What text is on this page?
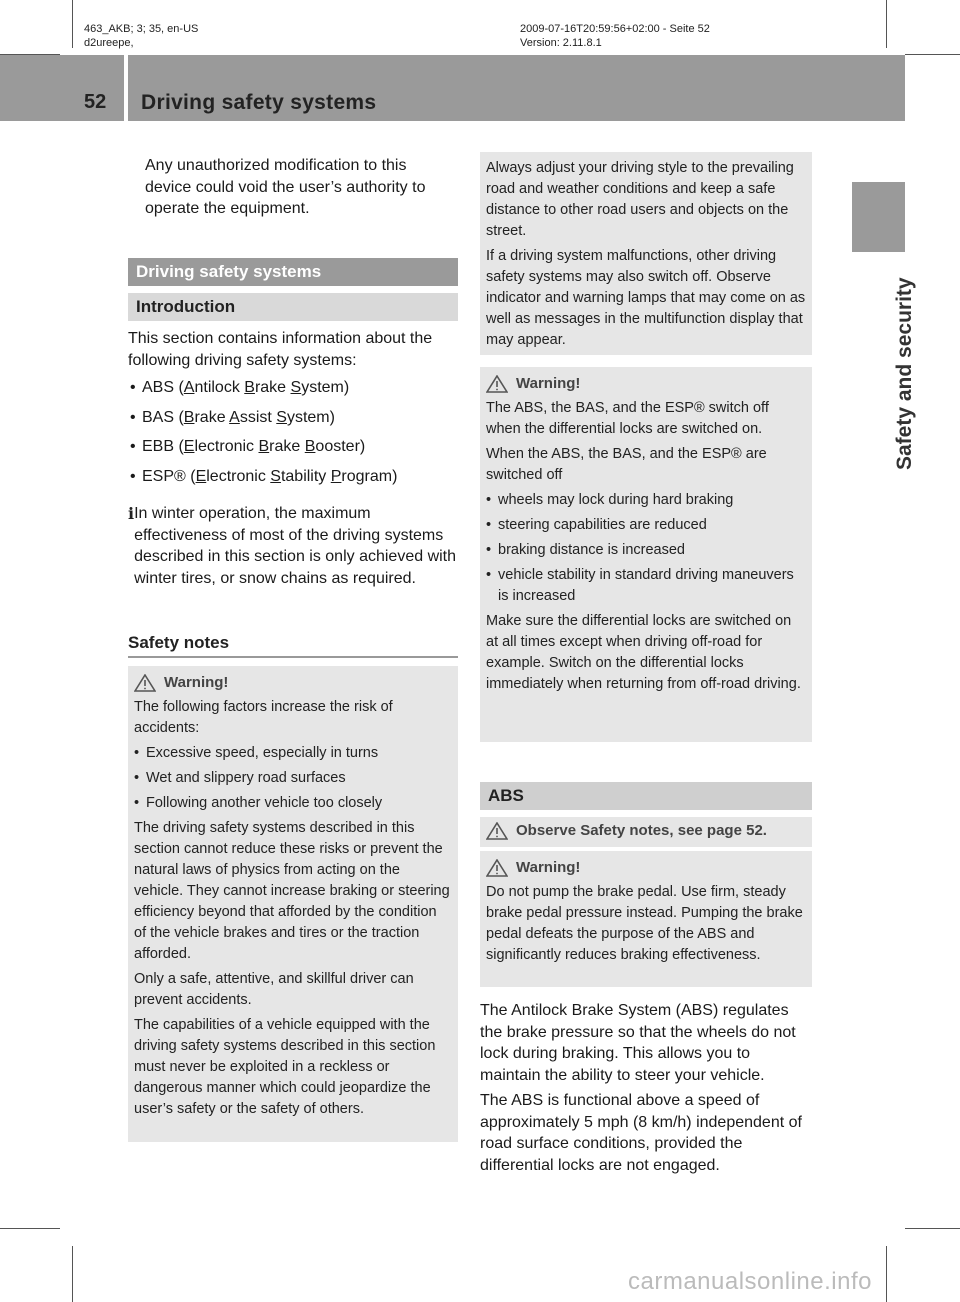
463_AKB; 3; 35, en-US
d2ureepe,
2009-07-16T20:59:56+02:00 - Seite 52
Version: 2.11.8.1
52 Driving safety systems
Safety and security
Any unauthorized modification to this device could void the user’s authority to operate the equipment.
Driving safety systems
Introduction
This section contains information about the following driving safety systems:
• ABS (Antilock Brake System)
• BAS (Brake Assist System)
• EBB (Electronic Brake Booster)
• ESP® (Electronic Stability Program)
i In winter operation, the maximum effectiveness of most of the driving systems described in this section is only achieved with winter tires, or snow chains as required.
Safety notes
Warning!

The following factors increase the risk of accidents:

• Excessive speed, especially in turns
• Wet and slippery road surfaces
• Following another vehicle too closely

The driving safety systems described in this section cannot reduce these risks or prevent the natural laws of physics from acting on the vehicle. They cannot increase braking or steering efficiency beyond that afforded by the condition of the vehicle brakes and tires or the traction afforded.

Only a safe, attentive, and skillful driver can prevent accidents.

The capabilities of a vehicle equipped with the driving safety systems described in this section must never be exploited in a reckless or dangerous manner which could jeopardize the user’s safety or the safety of others.

Always adjust your driving style to the prevailing road and weather conditions and keep a safe distance to other road users and objects on the street.

If a driving system malfunctions, other driving safety systems may also switch off. Observe indicator and warning lamps that may come on as well as messages in the multifunction display that may appear.

Warning!

The ABS, the BAS, and the ESP® switch off when the differential locks are switched on.

When the ABS, the BAS, and the ESP® are switched off

• wheels may lock during hard braking
• steering capabilities are reduced
• braking distance is increased
• vehicle stability in standard driving maneuvers is increased

Make sure the differential locks are switched on at all times except when driving off-road for example. Switch on the differential locks immediately when returning from off-road driving.

ABS
Observe Safety notes, see page 52.
Warning!

Do not pump the brake pedal. Use firm, steady brake pedal pressure instead. Pumping the brake pedal defeats the purpose of the ABS and significantly reduces braking effectiveness.

The Antilock Brake System (ABS) regulates the brake pressure so that the wheels do not lock during braking. This allows you to maintain the ability to steer your vehicle.
The ABS is functional above a speed of approximately 5 mph (8 km/h) independent of road surface conditions, provided the differential locks are not engaged.
carmanualsonline.info
